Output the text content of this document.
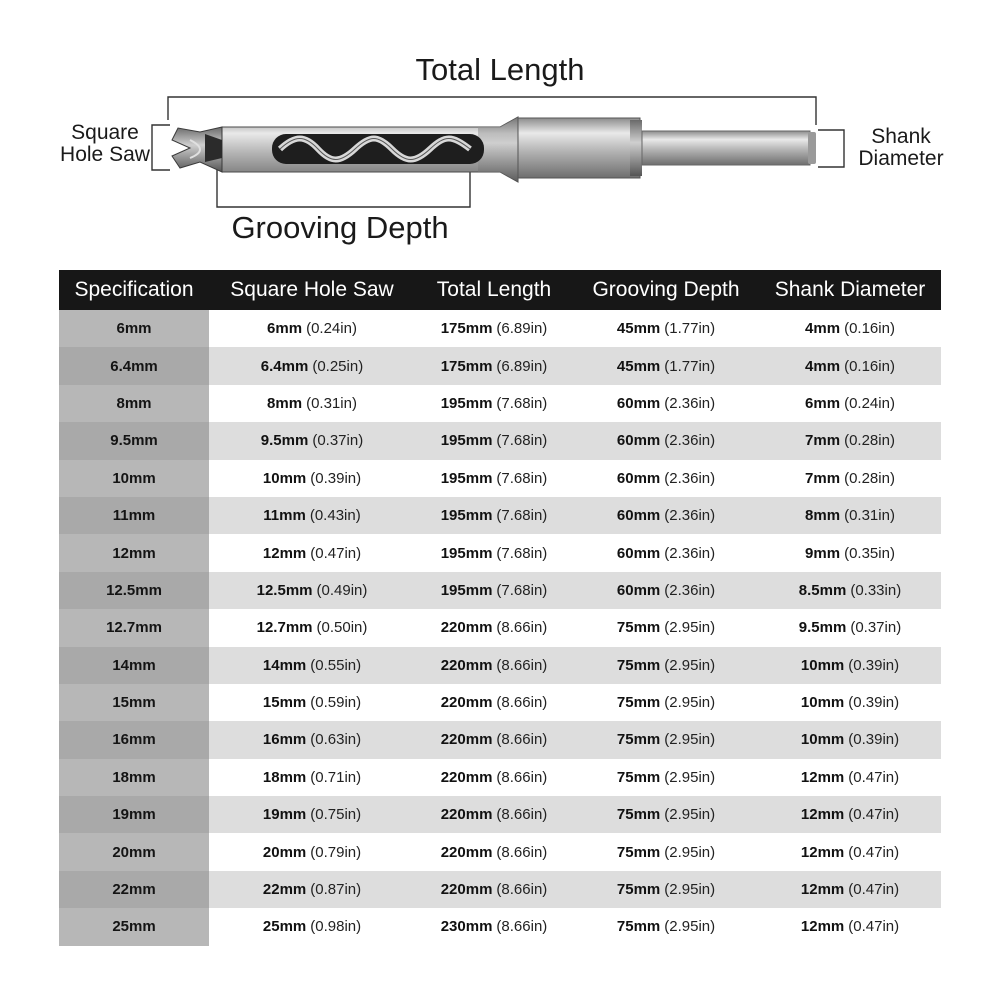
Total Length
Square
Hole Saw
Shank
Diameter
Grooving Depth
Specification	Square Hole Saw	Total Length	Grooving Depth	Shank Diameter
6mm	6mm (0.24in)	175mm (6.89in)	45mm (1.77in)	4mm (0.16in)
6.4mm	6.4mm (0.25in)	175mm (6.89in)	45mm (1.77in)	4mm (0.16in)
8mm	8mm (0.31in)	195mm (7.68in)	60mm (2.36in)	6mm (0.24in)
9.5mm	9.5mm (0.37in)	195mm (7.68in)	60mm (2.36in)	7mm (0.28in)
10mm	10mm (0.39in)	195mm (7.68in)	60mm (2.36in)	7mm (0.28in)
11mm	11mm (0.43in)	195mm (7.68in)	60mm (2.36in)	8mm (0.31in)
12mm	12mm (0.47in)	195mm (7.68in)	60mm (2.36in)	9mm (0.35in)
12.5mm	12.5mm (0.49in)	195mm (7.68in)	60mm (2.36in)	8.5mm (0.33in)
12.7mm	12.7mm (0.50in)	220mm (8.66in)	75mm (2.95in)	9.5mm (0.37in)
14mm	14mm (0.55in)	220mm (8.66in)	75mm (2.95in)	10mm (0.39in)
15mm	15mm (0.59in)	220mm (8.66in)	75mm (2.95in)	10mm (0.39in)
16mm	16mm (0.63in)	220mm (8.66in)	75mm (2.95in)	10mm (0.39in)
18mm	18mm (0.71in)	220mm (8.66in)	75mm (2.95in)	12mm (0.47in)
19mm	19mm (0.75in)	220mm (8.66in)	75mm (2.95in)	12mm (0.47in)
20mm	20mm (0.79in)	220mm (8.66in)	75mm (2.95in)	12mm (0.47in)
22mm	22mm (0.87in)	220mm (8.66in)	75mm (2.95in)	12mm (0.47in)
25mm	25mm (0.98in)	230mm (8.66in)	75mm (2.95in)	12mm (0.47in)
